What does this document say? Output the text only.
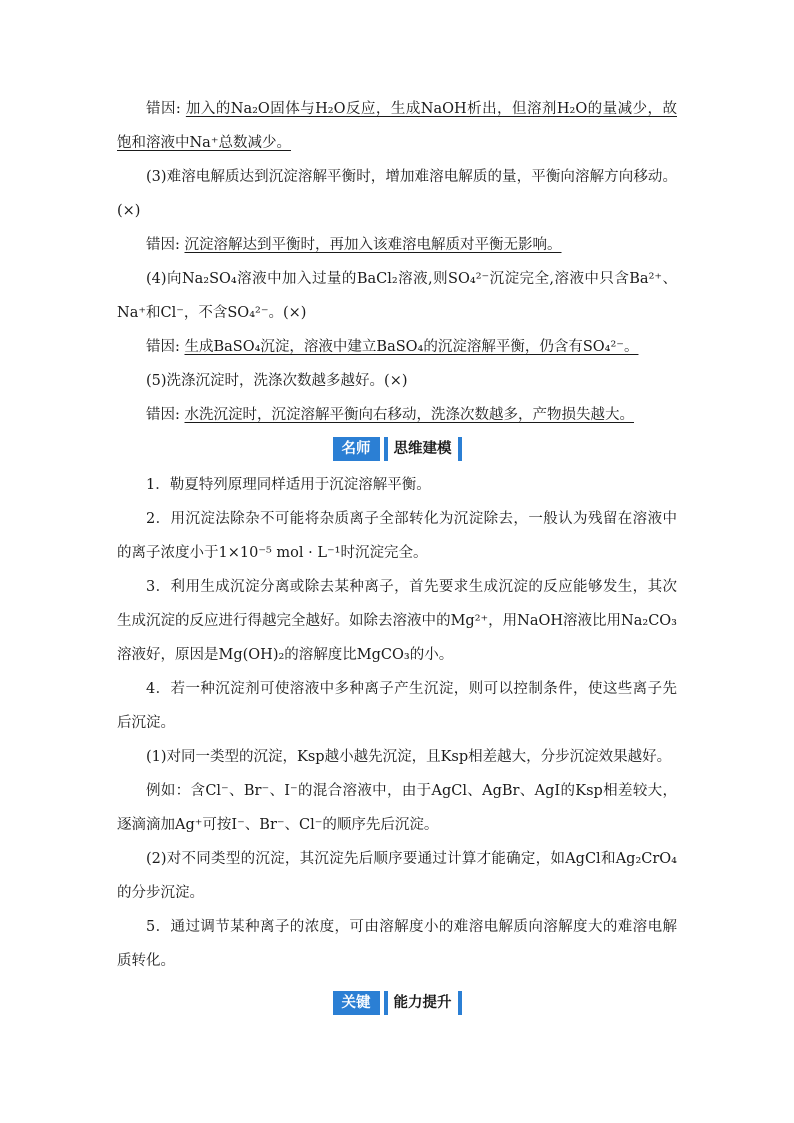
错因: 加入的Na₂O固体与H₂O反应，生成NaOH析出，但溶剂H₂O的量减少，故饱和溶液中Na⁺总数减少。

(3)难溶电解质达到沉淀溶解平衡时，增加难溶电解质的量，平衡向溶解方向移动。(×)

错因: 沉淀溶解达到平衡时，再加入该难溶电解质对平衡无影响。

(4)向Na₂SO₄溶液中加入过量的BaCl₂溶液,则SO₄²⁻沉淀完全,溶液中只含Ba²⁺、Na⁺和Cl⁻，不含SO₄²⁻。(×)

错因: 生成BaSO₄沉淀，溶液中建立BaSO₄的沉淀溶解平衡，仍含有SO₄²⁻。

(5)洗涤沉淀时，洗涤次数越多越好。(×)

错因: 水洗沉淀时，沉淀溶解平衡向右移动，洗涤次数越多，产物损失越大。

名师	思维建模

1．勒夏特列原理同样适用于沉淀溶解平衡。

2．用沉淀法除杂不可能将杂质离子全部转化为沉淀除去，一般认为残留在溶液中的离子浓度小于1×10⁻⁵ mol · L⁻¹时沉淀完全。

3．利用生成沉淀分离或除去某种离子，首先要求生成沉淀的反应能够发生，其次生成沉淀的反应进行得越完全越好。如除去溶液中的Mg²⁺，用NaOH溶液比用Na₂CO₃溶液好，原因是Mg(OH)₂的溶解度比MgCO₃的小。

4．若一种沉淀剂可使溶液中多种离子产生沉淀，则可以控制条件，使这些离子先后沉淀。

(1)对同一类型的沉淀，Ksp越小越先沉淀，且Ksp相差越大，分步沉淀效果越好。

例如：含Cl⁻、Br⁻、I⁻的混合溶液中，由于AgCl、AgBr、AgI的Ksp相差较大，逐滴滴加Ag⁺可按I⁻、Br⁻、Cl⁻的顺序先后沉淀。

(2)对不同类型的沉淀，其沉淀先后顺序要通过计算才能确定，如AgCl和Ag₂CrO₄的分步沉淀。

5．通过调节某种离子的浓度，可由溶解度小的难溶电解质向溶解度大的难溶电解质转化。

关键	能力提升
